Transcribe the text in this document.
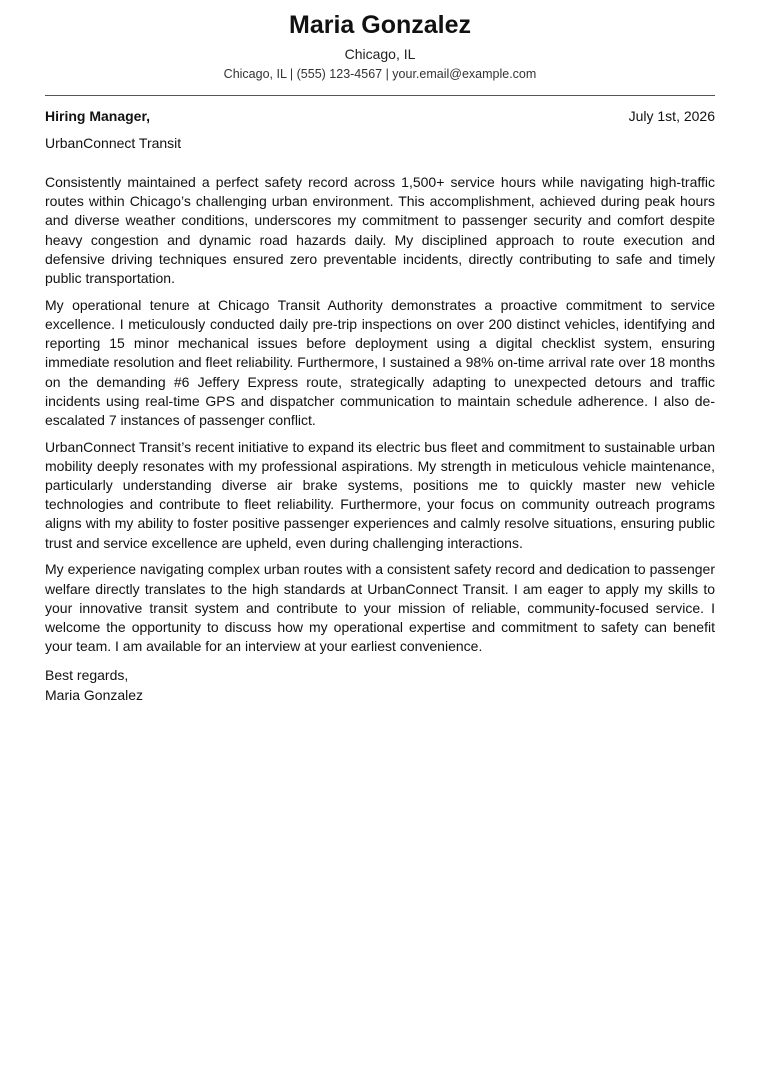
Maria Gonzalez
Chicago, IL
Chicago, IL | (555) 123-4567 | your.email@example.com
Hiring Manager,	July 1st, 2026
UrbanConnect Transit

Consistently maintained a perfect safety record across 1,500+ service hours while navigating high-traffic routes within Chicago’s challenging urban environment. This accomplishment, achieved during peak hours and diverse weather conditions, underscores my commitment to passenger security and comfort despite heavy congestion and dynamic road hazards daily. My disciplined approach to route execution and defensive driving techniques ensured zero preventable incidents, directly contributing to safe and timely public transportation.

My operational tenure at Chicago Transit Authority demonstrates a proactive commitment to service excellence. I meticulously conducted daily pre-trip inspections on over 200 distinct vehicles, identifying and reporting 15 minor mechanical issues before deployment using a digital checklist system, ensuring immediate resolution and fleet reliability. Furthermore, I sustained a 98% on-time arrival rate over 18 months on the demanding #6 Jeffery Express route, strategically adapting to unexpected detours and traffic incidents using real-time GPS and dispatcher communication to maintain schedule adherence. I also de-escalated 7 instances of passenger conflict.

UrbanConnect Transit’s recent initiative to expand its electric bus fleet and commitment to sustainable urban mobility deeply resonates with my professional aspirations. My strength in meticulous vehicle maintenance, particularly understanding diverse air brake systems, positions me to quickly master new vehicle technologies and contribute to fleet reliability. Furthermore, your focus on community outreach programs aligns with my ability to foster positive passenger experiences and calmly resolve situations, ensuring public trust and service excellence are upheld, even during challenging interactions.

My experience navigating complex urban routes with a consistent safety record and dedication to passenger welfare directly translates to the high standards at UrbanConnect Transit. I am eager to apply my skills to your innovative transit system and contribute to your mission of reliable, community-focused service. I welcome the opportunity to discuss how my operational expertise and commitment to safety can benefit your team. I am available for an interview at your earliest convenience.

Best regards,
Maria Gonzalez
